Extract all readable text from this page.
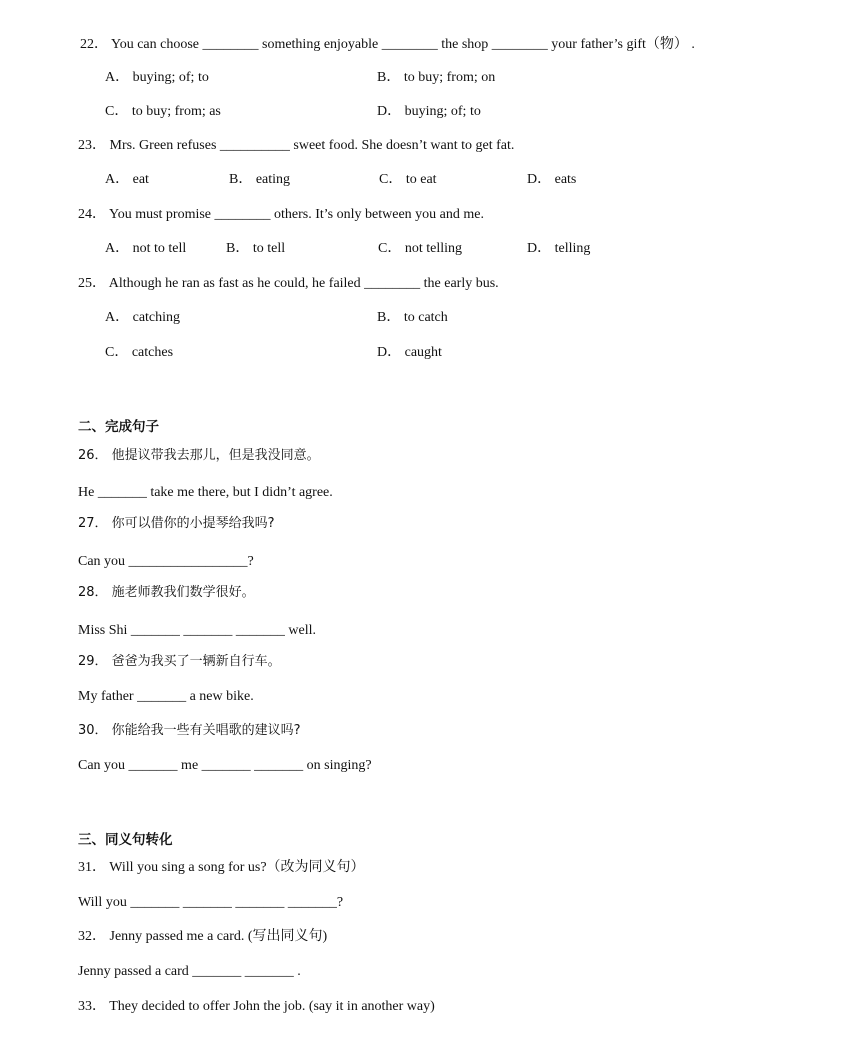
22． You can choose ________ something enjoyable ________ the shop ________ your father’s gift（物） .
A． buying; of; to	B． to buy; from; on
C． to buy; from; as	D． buying; of; to
23． Mrs. Green refuses __________ sweet food. She doesn’t want to get fat.
A． eat	B． eating	C． to eat	D． eats
24． You must promise ________ others. It’s only between you and me.
A． not to tell	B． to tell	C． not telling	D． telling
25． Although he ran as fast as he could, he failed ________ the early bus.
A． catching	B． to catch
C． catches	D． caught
二、完成句子
26． 他提议带我去那儿，但是我没同意。
He _______ take me there, but I didn’t agree.
27． 你可以借你的小提琴给我吗?
Can you _________________?
28． 施老师教我们数学很好。
Miss Shi _______ _______ _______ well.
29． 爸爸为我买了一辆新自行车。
My father _______ a new bike.
30． 你能给我一些有关唱歌的建议吗?
Can you _______ me _______ _______ on singing?
三、同义句转化
31． Will you sing a song for us?（改为同义句）
Will you _______ _______ _______ _______?
32． Jenny passed me a card. (写出同义句)
Jenny passed a card _______ _______ .
33． They decided to offer John the job. (say it in another way)
